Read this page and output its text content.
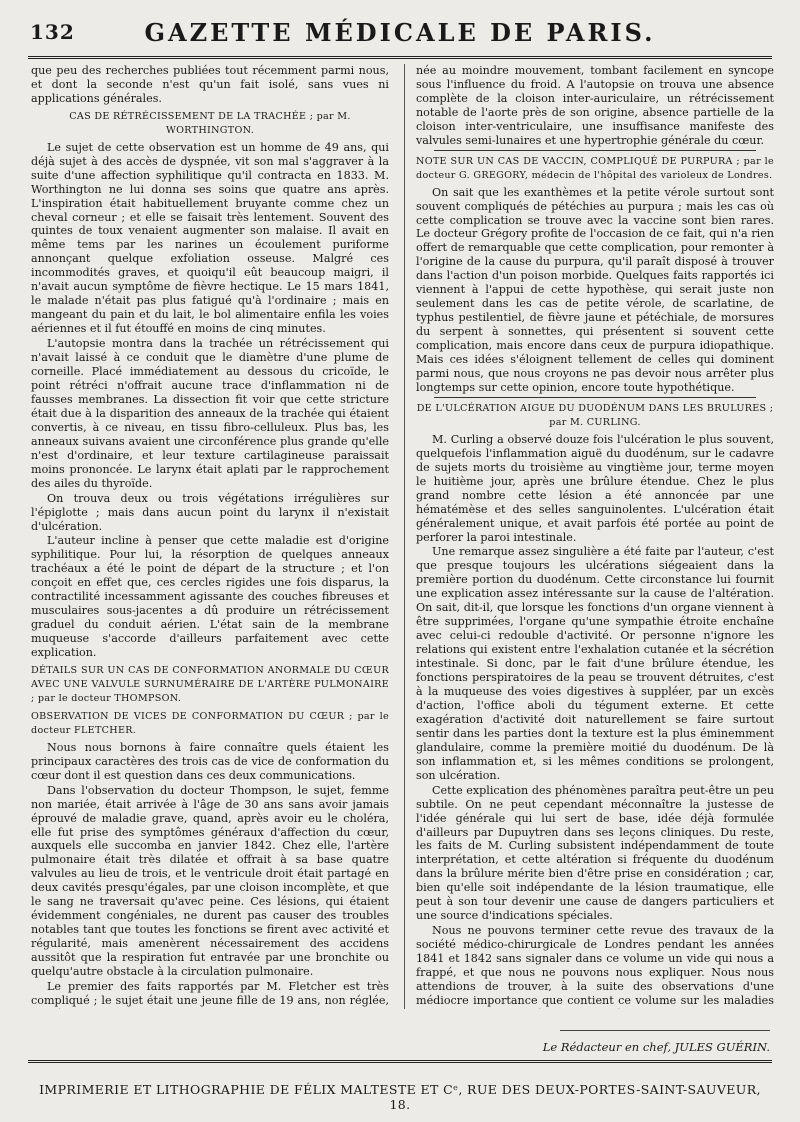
132	GAZETTE MÉDICALE DE PARIS.

que peu des recherches publiées tout récemment parmi nous, et dont la seconde n'est qu'un fait isolé, sans vues ni applications générales.

CAS DE RÉTRÉCISSEMENT DE LA TRACHÉE ; par M. WORTHINGTON.

Le sujet de cette observation est un homme de 49 ans, qui déjà sujet à des accès de dyspnée, vit son mal s'aggraver à la suite d'une affection syphilitique qu'il contracta en 1833. M. Worthington ne lui donna ses soins que quatre ans après. L'inspiration était habituellement bruyante comme chez un cheval corneur ; et elle se faisait très lentement. Souvent des quintes de toux venaient augmenter son malaise. Il avait en même tems par les narines un écoulement puriforme annonçant quelque exfoliation osseuse. Malgré ces incommodités graves, et quoiqu'il eût beaucoup maigri, il n'avait aucun symptôme de fièvre hectique. Le 15 mars 1841, le malade n'était pas plus fatigué qu'à l'ordinaire ; mais en mangeant du pain et du lait, le bol alimentaire enfila les voies aériennes et il fut étouffé en moins de cinq minutes.

L'autopsie montra dans la trachée un rétrécissement qui n'avait laissé à ce conduit que le diamètre d'une plume de corneille. Placé immédiatement au dessous du cricoïde, le point rétréci n'offrait aucune trace d'inflammation ni de fausses membranes. La dissection fit voir que cette stricture était due à la disparition des anneaux de la trachée qui étaient convertis, à ce niveau, en tissu fibro-celluleux. Plus bas, les anneaux suivans avaient une circonférence plus grande qu'elle n'est d'ordinaire, et leur texture cartilagineuse paraissait moins prononcée. Le larynx était aplati par le rapprochement des ailes du thyroïde.

On trouva deux ou trois végétations irrégulières sur l'épiglotte ; mais dans aucun point du larynx il n'existait d'ulcération.

L'auteur incline à penser que cette maladie est d'origine syphilitique. Pour lui, la résorption de quelques anneaux trachéaux a été le point de départ de la structure ; et l'on conçoit en effet que, ces cercles rigides une fois disparus, la contractilité incessamment agissante des couches fibreuses et musculaires sous-jacentes a dû produire un rétrécissement graduel du conduit aérien. L'état sain de la membrane muqueuse s'accorde d'ailleurs parfaitement avec cette explication.

DÉTAILS SUR UN CAS DE CONFORMATION ANORMALE DU CŒUR AVEC UNE VALVULE SURNUMÉRAIRE DE L'ARTÈRE PULMONAIRE ; par le docteur THOMPSON.
OBSERVATION DE VICES DE CONFORMATION DU CŒUR ; par le docteur FLETCHER.

Nous nous bornons à faire connaître quels étaient les principaux caractères des trois cas de vice de conformation du cœur dont il est question dans ces deux communications.

Dans l'observation du docteur Thompson, le sujet, femme non mariée, était arrivée à l'âge de 30 ans sans avoir jamais éprouvé de maladie grave, quand, après avoir eu le choléra, elle fut prise des symptômes généraux d'affection du cœur, auxquels elle succomba en janvier 1842. Chez elle, l'artère pulmonaire était très dilatée et offrait à sa base quatre valvules au lieu de trois, et le ventricule droit était partagé en deux cavités presqu'égales, par une cloison incomplète, et que le sang ne traversait qu'avec peine. Ces lésions, qui étaient évidemment congéniales, ne durent pas causer des troubles notables tant que toutes les fonctions se firent avec activité et régularité, mais amenèrent nécessairement des accidens aussitôt que la respiration fut entravée par une bronchite ou quelqu'autre obstacle à la circulation pulmonaire.

Le premier des faits rapportés par M. Fletcher est très compliqué ; le sujet était une jeune fille de 19 ans, non réglée,

née au moindre mouvement, tombant facilement en syncope sous l'influence du froid. A l'autopsie on trouva une absence complète de la cloison inter-auriculaire, un rétrécissement notable de l'aorte près de son origine, absence partielle de la cloison inter-ventriculaire, une insuffisance manifeste des valvules semi-lunaires et une hypertrophie générale du cœur.

NOTE SUR UN CAS DE VACCIN, COMPLIQUÉ DE PURPURA ; par le docteur G. GREGORY, médecin de l'hôpital des varioleux de Londres.

On sait que les exanthèmes et la petite vérole surtout sont souvent compliqués de pétéchies au purpura ; mais les cas où cette complication se trouve avec la vaccine sont bien rares. Le docteur Grégory profite de l'occasion de ce fait, qui n'a rien offert de remarquable que cette complication, pour remonter à l'origine de la cause du purpura, qu'il paraît disposé à trouver dans l'action d'un poison morbide. Quelques faits rapportés ici viennent à l'appui de cette hypothèse, qui serait juste non seulement dans les cas de petite vérole, de scarlatine, de typhus pestilentiel, de fièvre jaune et pétéchiale, de morsures du serpent à sonnettes, qui présentent si souvent cette complication, mais encore dans ceux de purpura idiopathique. Mais ces idées s'éloignent tellement de celles qui dominent parmi nous, que nous croyons ne pas devoir nous arrêter plus longtemps sur cette opinion, encore toute hypothétique.

DE L'ULCÉRATION AIGUE DU DUODÉNUM DANS LES BRULURES ; par M. CURLING.

M. Curling a observé douze fois l'ulcération le plus souvent, quelquefois l'inflammation aiguë du duodénum, sur le cadavre de sujets morts du troisième au vingtième jour, terme moyen le huitième jour, après une brûlure étendue. Chez le plus grand nombre cette lésion a été annoncée par une hématémèse et des selles sanguinolentes. L'ulcération était généralement unique, et avait parfois été portée au point de perforer la paroi intestinale.

Une remarque assez singulière a été faite par l'auteur, c'est que presque toujours les ulcérations siégeaient dans la première portion du duodénum. Cette circonstance lui fournit une explication assez intéressante sur la cause de l'altération. On sait, dit-il, que lorsque les fonctions d'un organe viennent à être supprimées, l'organe qu'une sympathie étroite enchaîne avec celui-ci redouble d'activité. Or personne n'ignore les relations qui existent entre l'exhalation cutanée et la sécrétion intestinale. Si donc, par le fait d'une brûlure étendue, les fonctions perspiratoires de la peau se trouvent détruites, c'est à la muqueuse des voies digestives à suppléer, par un excès d'action, l'office aboli du tégument externe. Et cette exagération d'activité doit naturellement se faire surtout sentir dans les parties dont la texture est la plus éminemment glandulaire, comme la première moitié du duodénum. De là son inflammation et, si les mêmes conditions se prolongent, son ulcération.

Cette explication des phénomènes paraîtra peut-être un peu subtile. On ne peut cependant méconnaître la justesse de l'idée générale qui lui sert de base, idée déjà formulée d'ailleurs par Dupuytren dans ses leçons cliniques. Du reste, les faits de M. Curling subsistent indépendamment de toute interprétation, et cette altération si fréquente du duodénum dans la brûlure mérite bien d'être prise en considération ; car, bien qu'elle soit indépendante de la lésion traumatique, elle peut à son tour devenir une cause de dangers particuliers et une source d'indications spéciales.

Nous ne pouvons terminer cette revue des travaux de la société médico-chirurgicale de Londres pendant les années 1841 et 1842 sans signaler dans ce volume un vide qui nous a frappé, et que nous ne pouvons nous expliquer. Nous nous attendions de trouver, à la suite des observations d'une médiocre importance que contient ce volume sur les maladies

Le Rédacteur en chef, JULES GUÉRIN.
IMPRIMERIE ET LITHOGRAPHIE DE FÉLIX MALTESTE ET Cᵉ, RUE DES DEUX-PORTES-SAINT-SAUVEUR, 18.
